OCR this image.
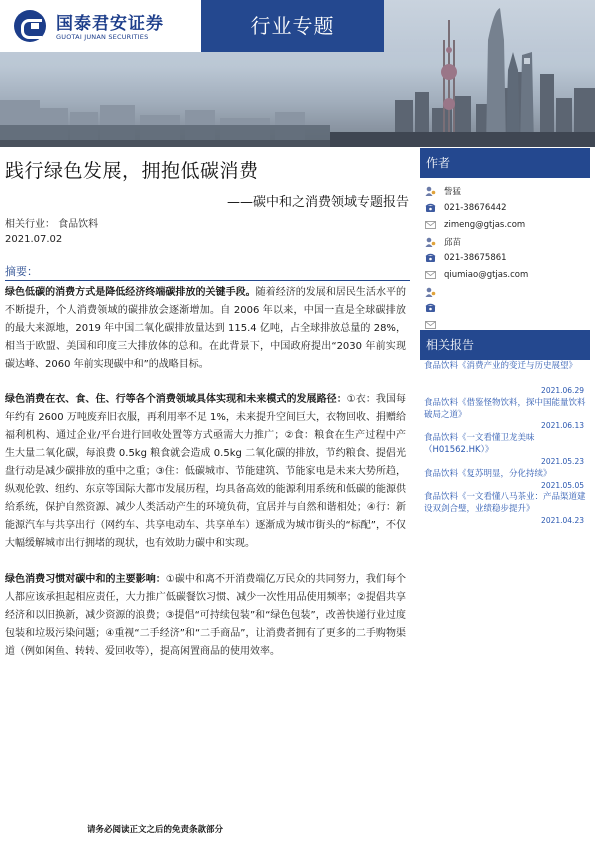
国泰君安证券
GUOTAI JUNAN SECURITIES	行业专题
践行绿色发展，拥抱低碳消费
——碳中和之消费领域专题报告
相关行业： 食品饮料
2021.07.02
摘要：
绿色低碳的消费方式是降低经济终端碳排放的关键手段。随着经济的发展和居民生活水平的不断提升，个人消费领域的碳排放会逐渐增加。自 2006 年以来，中国一直是全球碳排放的最大来源地，2019 年中国二氧化碳排放量达到 115.4 亿吨，占全球排放总量的 28%，相当于欧盟、美国和印度三大排放体的总和。在此背景下，中国政府提出“2030 年前实现碳达峰、2060 年前实现碳中和”的战略目标。
绿色消费在衣、食、住、行等各个消费领域具体实现和未来模式的发展路径：①衣：我国每年约有 2600 万吨废弃旧衣服，再利用率不足 1%，未来提升空间巨大，衣物回收、捐赠给福利机构、通过企业/平台进行回收处置等方式亟需大力推广；②食：粮食在生产过程中产生大量二氧化碳，每浪费 0.5kg 粮食就会造成 0.5kg 二氧化碳的排放，节约粮食、提倡光盘行动是减少碳排放的重中之重；③住：低碳城市、节能建筑、节能家电是未来大势所趋，纵观伦敦、纽约、东京等国际大都市发展历程，均具备高效的能源利用系统和低碳的能源供给系统，保护自然资源、减少人类活动产生的环境负荷，宜居并与自然和谐相处；④行：新能源汽车与共享出行（网约车、共享电动车、共享单车）逐渐成为城市街头的“标配”，不仅大幅缓解城市出行拥堵的现状，也有效助力碳中和实现。
绿色消费习惯对碳中和的主要影响：①碳中和离不开消费端亿万民众的共同努力，我们每个人都应该承担起相应责任，大力推广低碳餐饮习惯、减少一次性用品使用频率；②提倡共享经济和以旧换新，减少资源的浪费；③提倡“可持续包装”和“绿色包装”，改善快递行业过度包装和垃圾污染问题；④重视“二手经济”和“二手商品”，让消费者拥有了更多的二手购物渠道（例如闲鱼、转转、爱回收等），提高闲置商品的使用效率。
请务必阅读正文之后的免责条款部分
作者
訾猛
021-38676442
zimeng@gtjas.com
邱苗
021-38675861
qiumiao@gtjas.com
相关报告
食品饮料《消费产业的变迁与历史展望》
2021.06.29
食品饮料《借鉴怪物饮料，探中国能量饮料破局之道》
2021.06.13
食品饮料《一文看懂卫龙美味（H01562.HK）》
2021.05.23
食品饮料《复苏明显，分化持续》
2021.05.05
食品饮料《一文看懂八马茶业：产品渠道建设双剑合璧，业绩稳步提升》
2021.04.23
